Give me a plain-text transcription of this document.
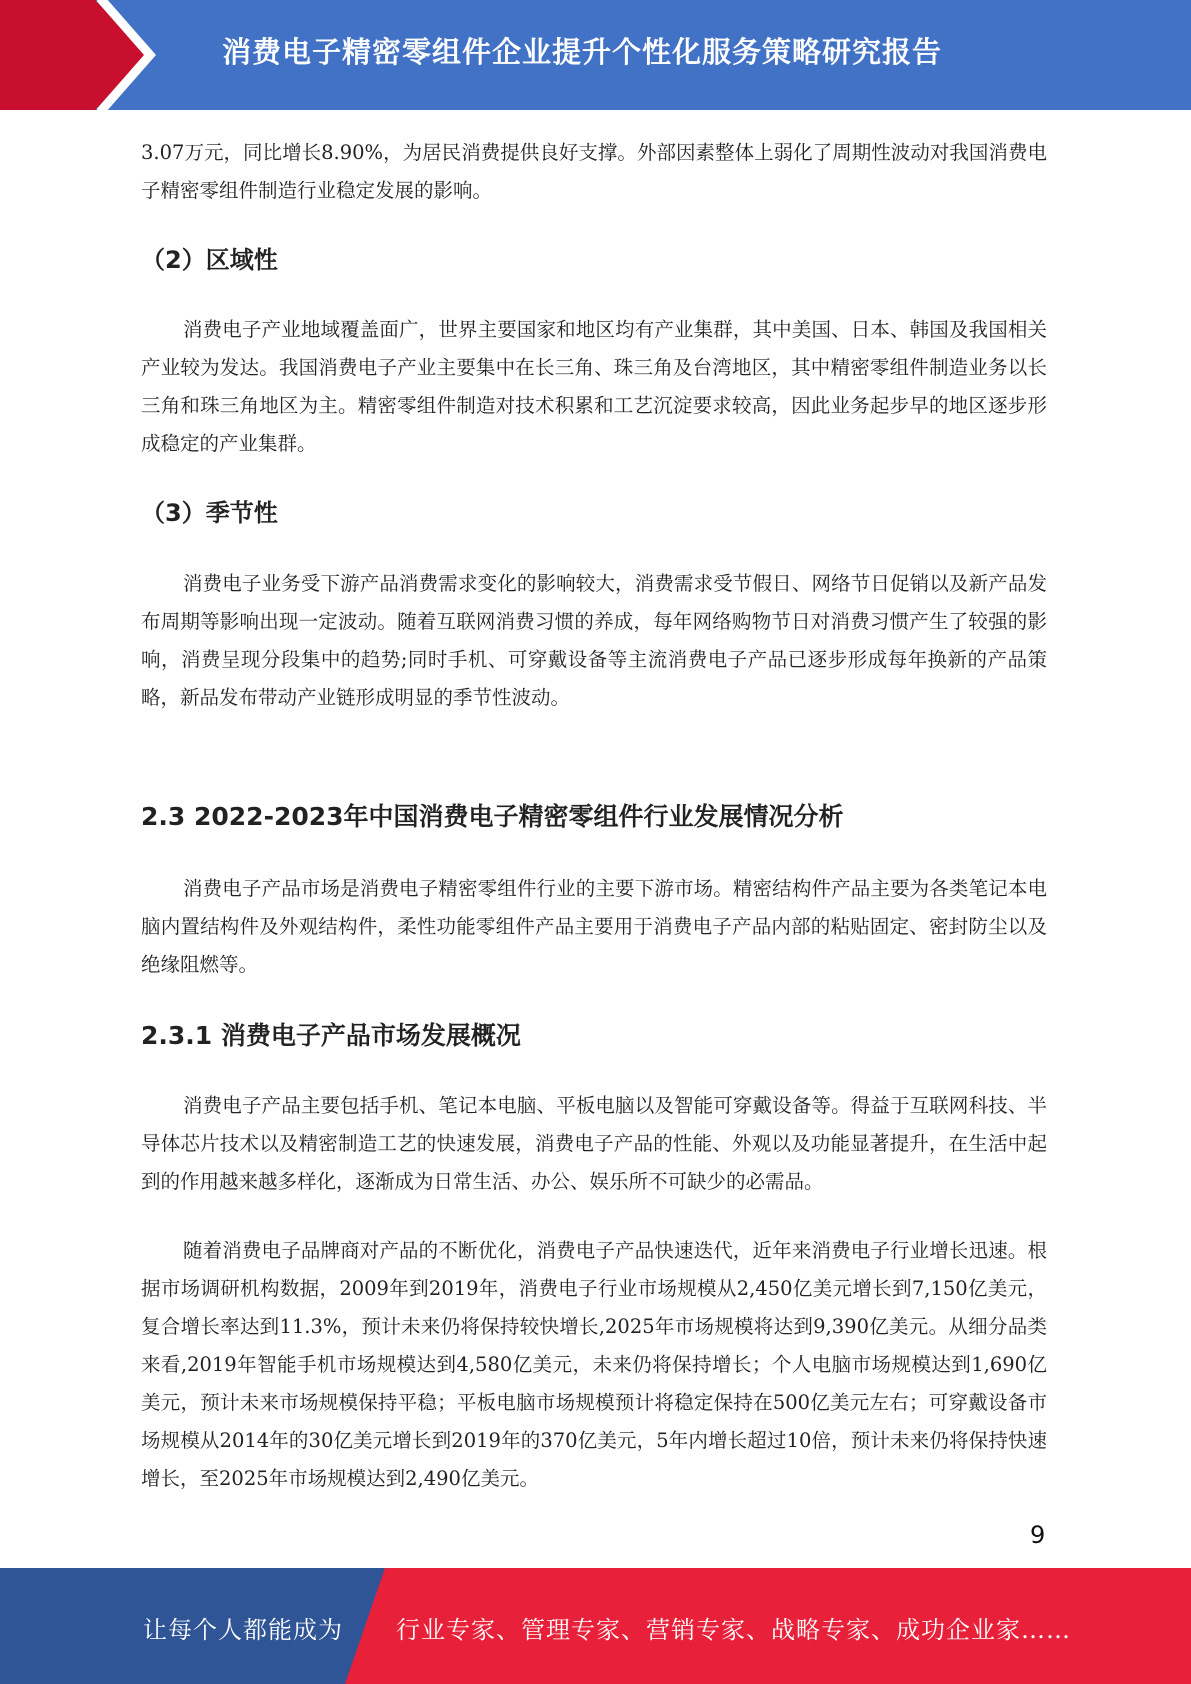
消费电子精密零组件企业提升个性化服务策略研究报告

3.07万元，同比增长8.90%，为居民消费提供良好支撑。外部因素整体上弱化了周期性波动对我国消费电子精密零组件制造行业稳定发展的影响。

（2）区域性

消费电子产业地域覆盖面广，世界主要国家和地区均有产业集群，其中美国、日本、韩国及我国相关产业较为发达。我国消费电子产业主要集中在长三角、珠三角及台湾地区，其中精密零组件制造业务以长三角和珠三角地区为主。精密零组件制造对技术积累和工艺沉淀要求较高，因此业务起步早的地区逐步形成稳定的产业集群。

（3）季节性

消费电子业务受下游产品消费需求变化的影响较大，消费需求受节假日、网络节日促销以及新产品发布周期等影响出现一定波动。随着互联网消费习惯的养成，每年网络购物节日对消费习惯产生了较强的影响，消费呈现分段集中的趋势;同时手机、可穿戴设备等主流消费电子产品已逐步形成每年换新的产品策略，新品发布带动产业链形成明显的季节性波动。

2.3 2022-2023年中国消费电子精密零组件行业发展情况分析

消费电子产品市场是消费电子精密零组件行业的主要下游市场。精密结构件产品主要为各类笔记本电脑内置结构件及外观结构件，柔性功能零组件产品主要用于消费电子产品内部的粘贴固定、密封防尘以及绝缘阻燃等。

2.3.1 消费电子产品市场发展概况

消费电子产品主要包括手机、笔记本电脑、平板电脑以及智能可穿戴设备等。得益于互联网科技、半导体芯片技术以及精密制造工艺的快速发展，消费电子产品的性能、外观以及功能显著提升，在生活中起到的作用越来越多样化，逐渐成为日常生活、办公、娱乐所不可缺少的必需品。

随着消费电子品牌商对产品的不断优化，消费电子产品快速迭代，近年来消费电子行业增长迅速。根据市场调研机构数据，2009年到2019年，消费电子行业市场规模从2,450亿美元增长到7,150亿美元，复合增长率达到11.3%，预计未来仍将保持较快增长,2025年市场规模将达到9,390亿美元。从细分品类来看,2019年智能手机市场规模达到4,580亿美元，未来仍将保持增长；个人电脑市场规模达到1,690亿美元，预计未来市场规模保持平稳；平板电脑市场规模预计将稳定保持在500亿美元左右；可穿戴设备市场规模从2014年的30亿美元增长到2019年的370亿美元，5年内增长超过10倍，预计未来仍将保持快速增长，至2025年市场规模达到2,490亿美元。

9
让每个人都能成为 行业专家、管理专家、营销专家、战略专家、成功企业家……
